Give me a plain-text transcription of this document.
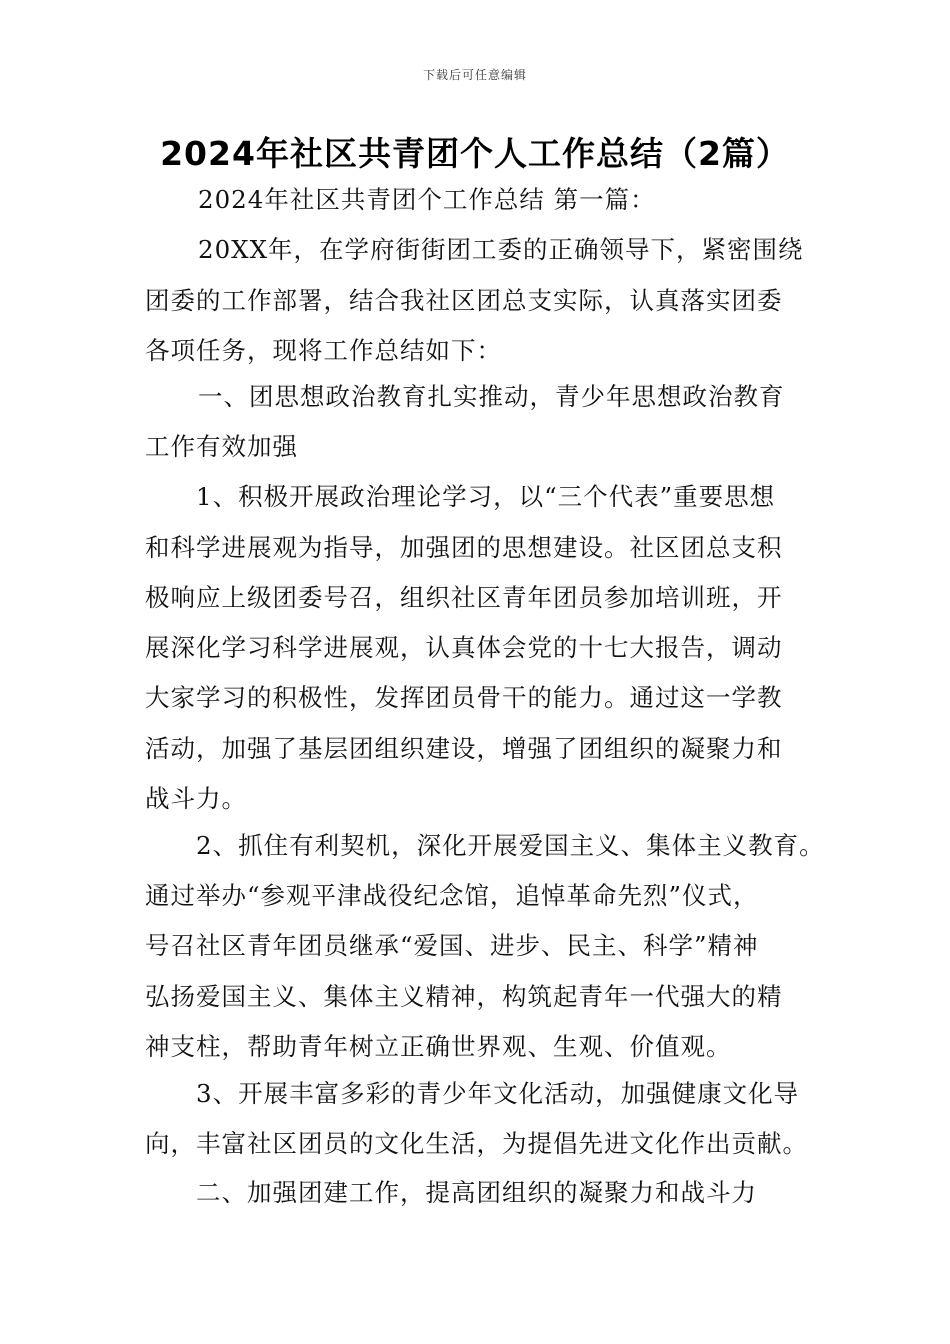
下载后可任意编辑
2024年社区共青团个人工作总结（2篇）
2024年社区共青团个工作总结 第一篇：
20XX年，在学府街街团工委的正确领导下，紧密围绕
团委的工作部署，结合我社区团总支实际，认真落实团委
各项任务，现将工作总结如下：
一、团思想政治教育扎实推动，青少年思想政治教育
工作有效加强
1、积极开展政治理论学习，以“三个代表”重要思想
和科学进展观为指导，加强团的思想建设。社区团总支积
极响应上级团委号召，组织社区青年团员参加培训班，开
展深化学习科学进展观，认真体会党的十七大报告，调动
大家学习的积极性，发挥团员骨干的能力。通过这一学教
活动，加强了基层团组织建设，增强了团组织的凝聚力和
战斗力。
2、抓住有利契机，深化开展爱国主义、集体主义教育。
通过举办“参观平津战役纪念馆，追悼革命先烈”仪式，
号召社区青年团员继承“爱国、进步、民主、科学”精神
弘扬爱国主义、集体主义精神，构筑起青年一代强大的精
神支柱，帮助青年树立正确世界观、生观、价值观。
3、开展丰富多彩的青少年文化活动，加强健康文化导
向，丰富社区团员的文化生活，为提倡先进文化作出贡献。
二、加强团建工作，提高团组织的凝聚力和战斗力
